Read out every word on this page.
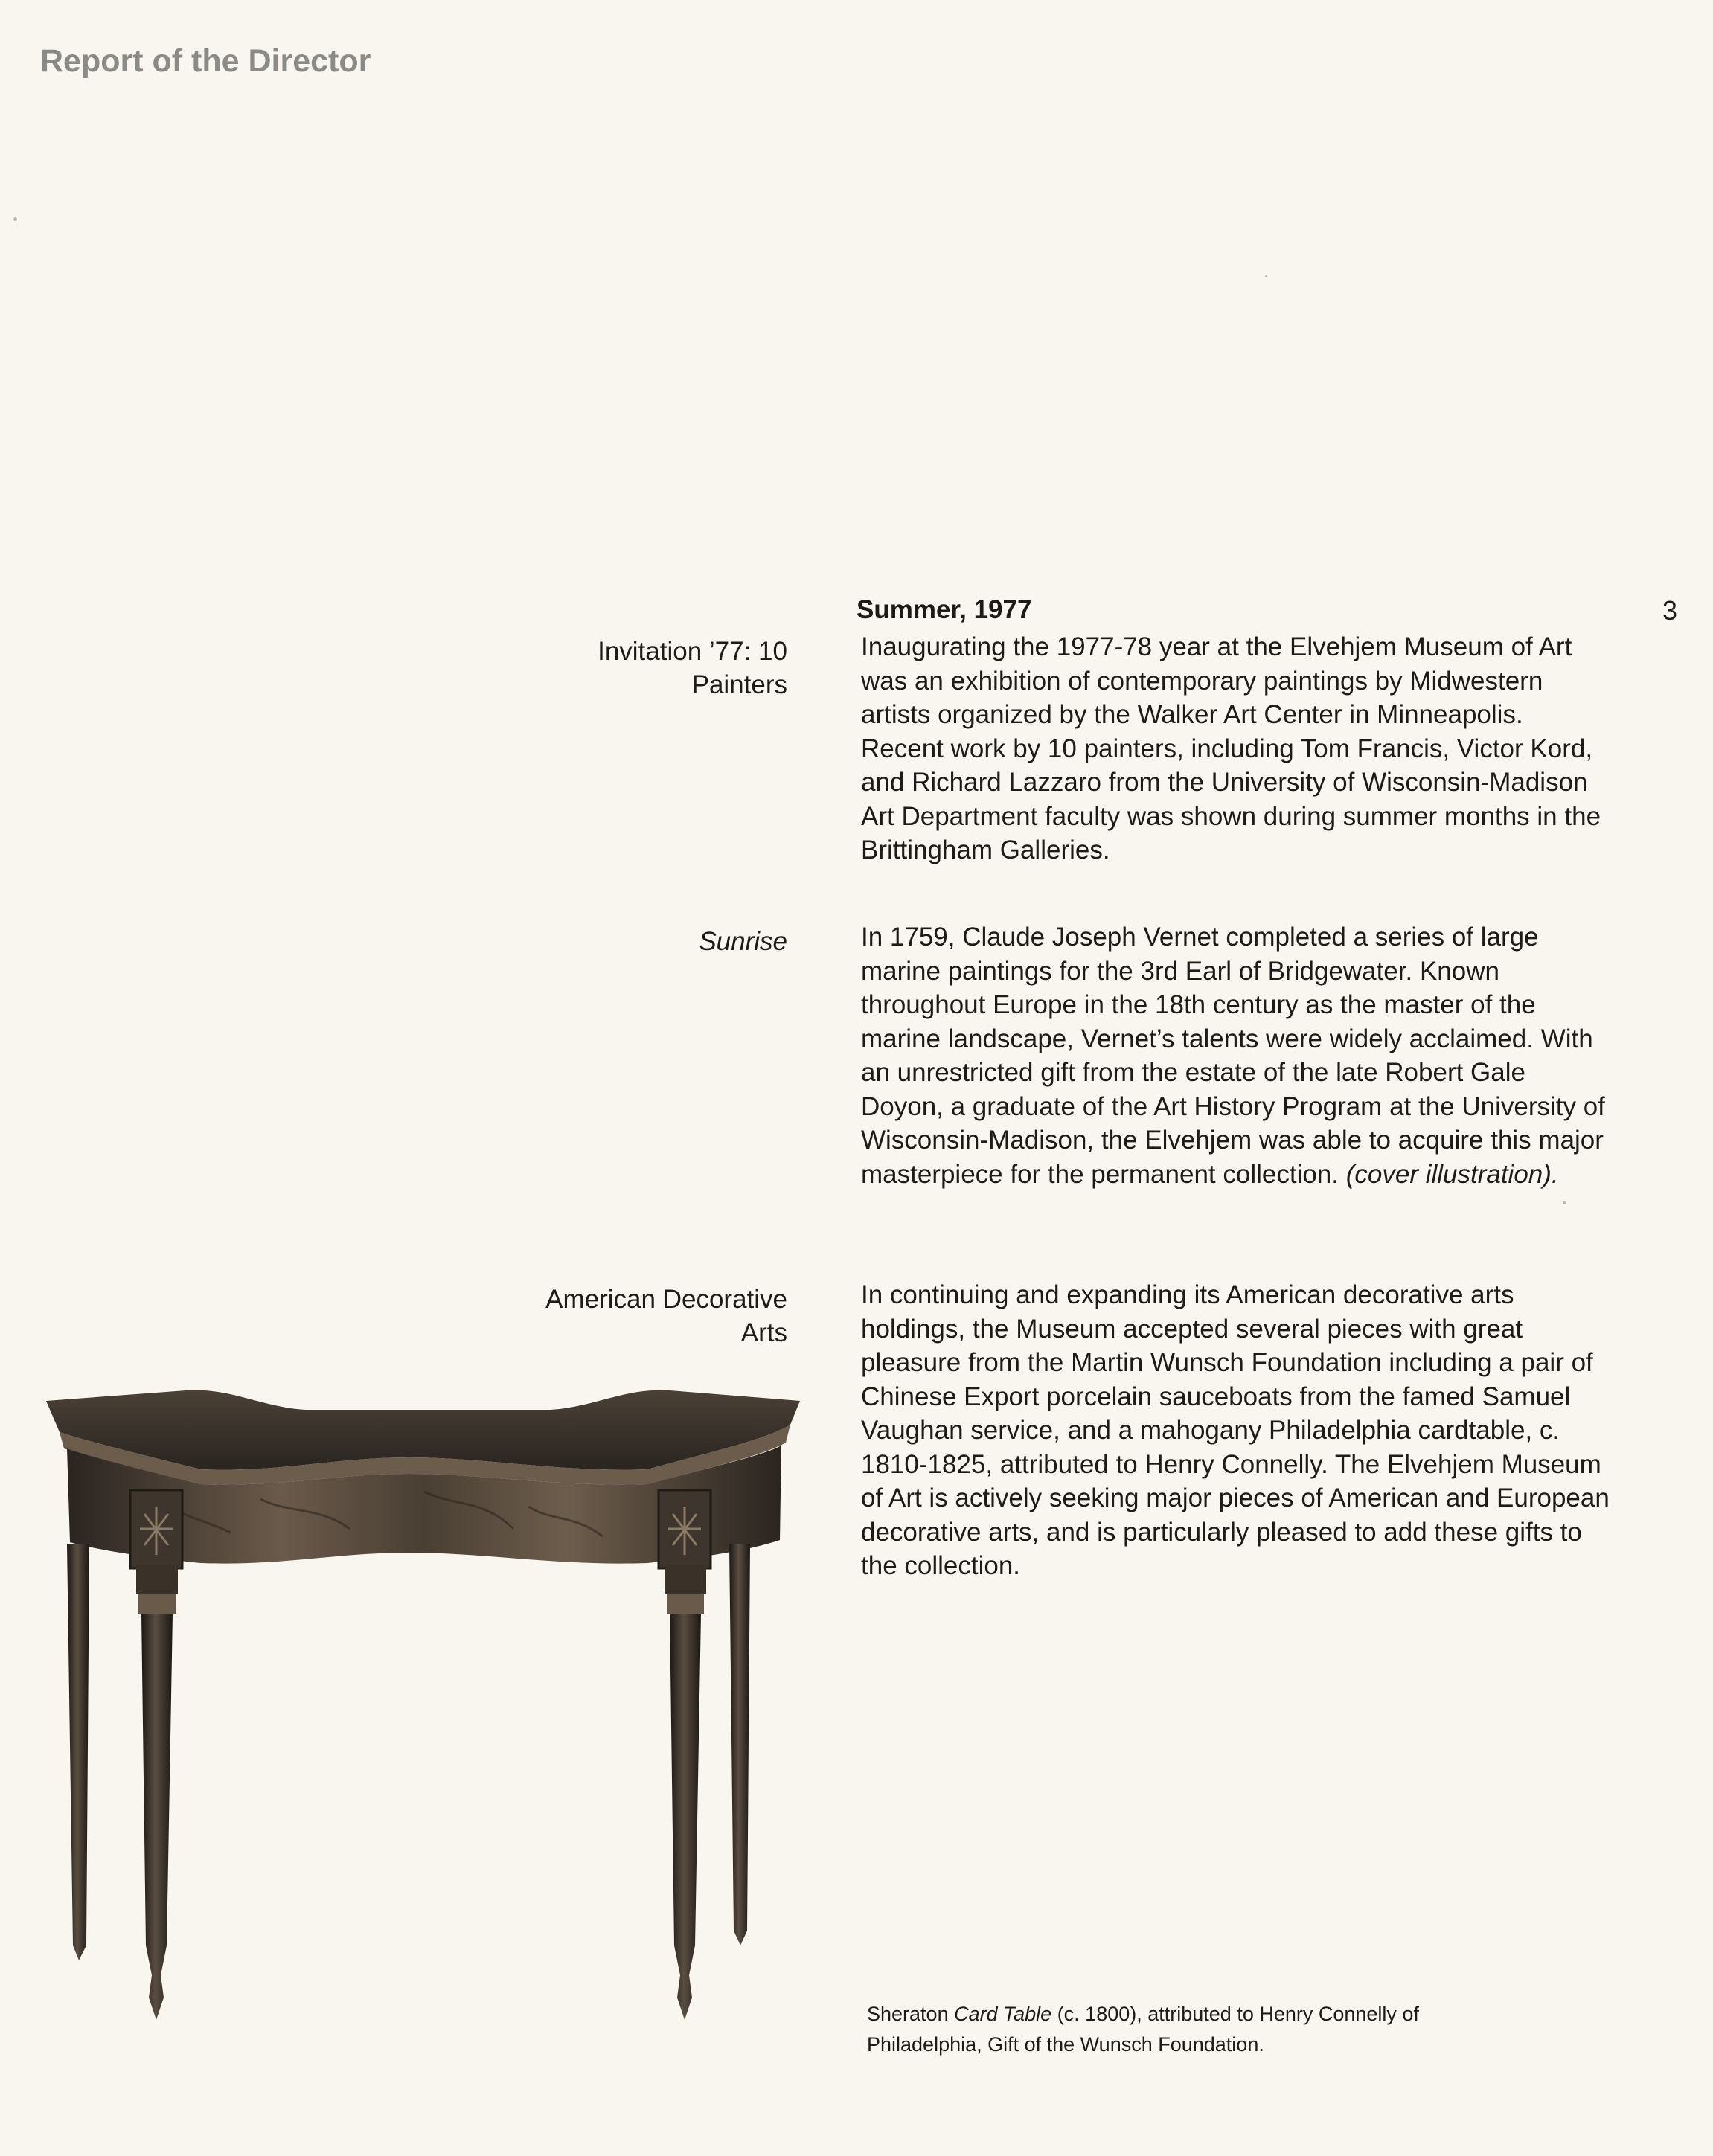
Report of the Director
3
Invitation ’77: 10
Painters
Sunrise
American Decorative
Arts
Summer, 1977

Inaugurating the 1977-78 year at the Elvehjem Museum of Art was an exhibition of contemporary paintings by Midwestern artists organized by the Walker Art Center in Minneapolis. Recent work by 10 painters, including Tom Francis, Victor Kord, and Richard Lazzaro from the University of Wisconsin-Madison Art Department faculty was shown during summer months in the Brittingham Galleries.

In 1759, Claude Joseph Vernet completed a series of large marine paintings for the 3rd Earl of Bridgewater. Known throughout Europe in the 18th century as the master of the marine landscape, Vernet’s talents were widely acclaimed. With an unrestricted gift from the estate of the late Robert Gale Doyon, a graduate of the Art History Program at the University of Wisconsin-Madison, the Elvehjem was able to acquire this major masterpiece for the permanent collection. (cover illustration).

In continuing and expanding its American decorative arts holdings, the Museum accepted several pieces with great pleasure from the Martin Wunsch Foundation including a pair of Chinese Export porcelain sauceboats from the famed Samuel Vaughan service, and a mahogany Philadelphia cardtable, c. 1810-1825, attributed to Henry Connelly. The Elvehjem Museum of Art is actively seeking major pieces of American and European decorative arts, and is particularly pleased to add these gifts to the collection.

Sheraton Card Table (c. 1800), attributed to Henry Connelly of Philadelphia, Gift of the Wunsch Foundation.
